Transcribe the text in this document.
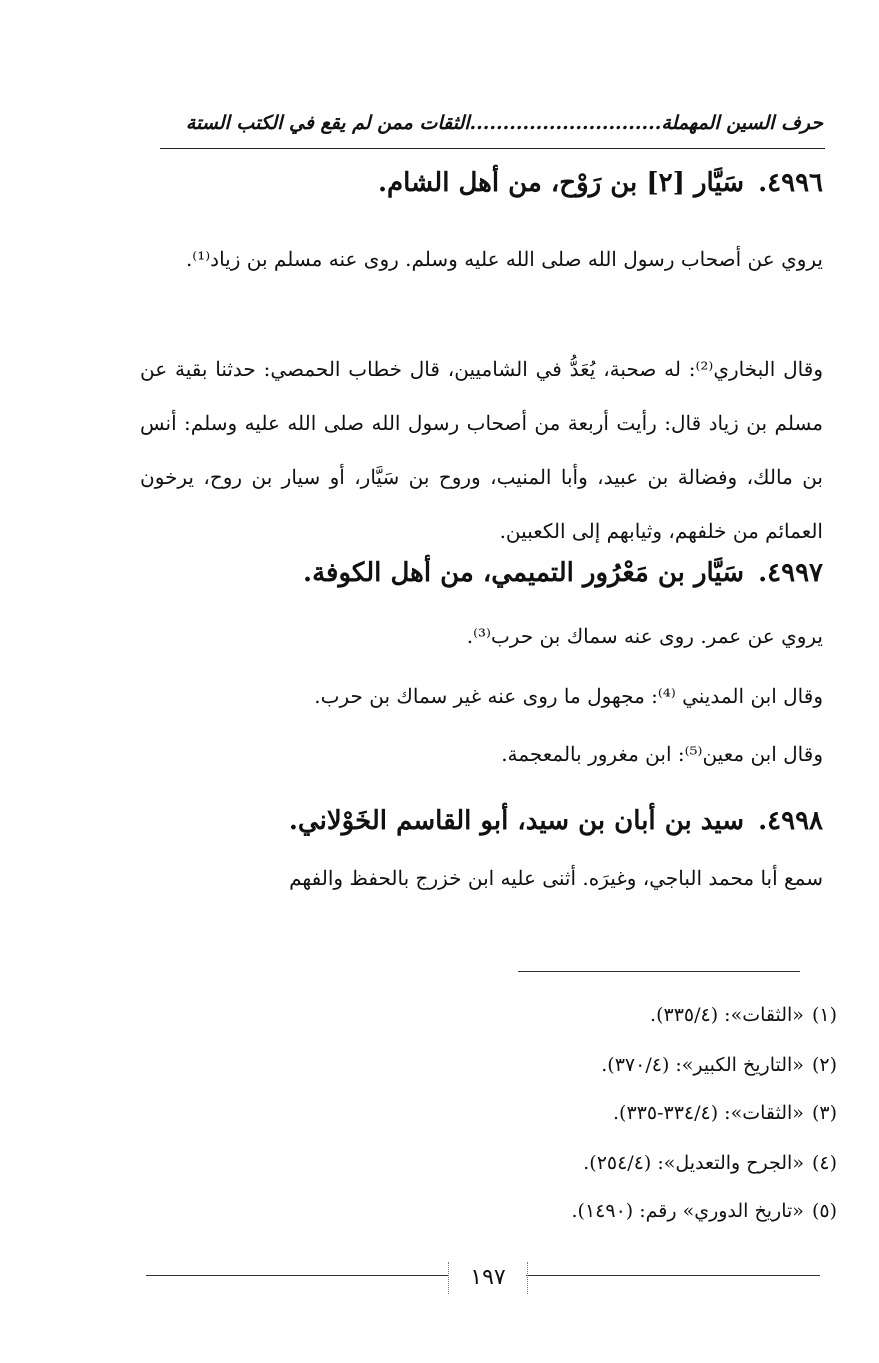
حرف السين المهملة.............................الثقات ممن لم يقع في الكتب الستة
٤٩٩٦.سَيَّار [٢] بن رَوْح، من أهل الشام.
يروي عن أصحاب رسول الله صلى الله عليه وسلم. روى عنه مسلم بن زياد⁽¹⁾.
وقال البخاري⁽²⁾: له صحبة، يُعَدُّ في الشاميين، قال خطاب الحمصي: حدثنا بقية عن مسلم بن زياد قال: رأيت أربعة من أصحاب رسول الله صلى الله عليه وسلم: أنس بن مالك، وفضالة بن عبيد، وأبا المنيب، وروح بن سَيَّار، أو سيار بن روح، يرخون العمائم من خلفهم، وثيابهم إلى الكعبين.
٤٩٩٧.سَيَّار بن مَعْرُور التميمي، من أهل الكوفة.
يروي عن عمر. روى عنه سماك بن حرب⁽³⁾.
وقال ابن المديني ⁽⁴⁾: مجهول ما روى عنه غير سماك بن حرب.
وقال ابن معين⁽⁵⁾: ابن مغرور بالمعجمة.
٤٩٩٨.سيد بن أبان بن سيد، أبو القاسم الخَوْلاني.
سمع أبا محمد الباجي، وغيرَه. أثنى عليه ابن خزرج بالحفظ والفهم
(١)«الثقات»: (٣٣٥/٤).
(٢)«التاريخ الكبير»: (٣٧٠/٤).
(٣)«الثقات»: (٣٣٤/٤-٣٣٥).
(٤)«الجرح والتعديل»: (٢٥٤/٤).
(٥)«تاريخ الدوري» رقم: (١٤٩٠).
١٩٧
